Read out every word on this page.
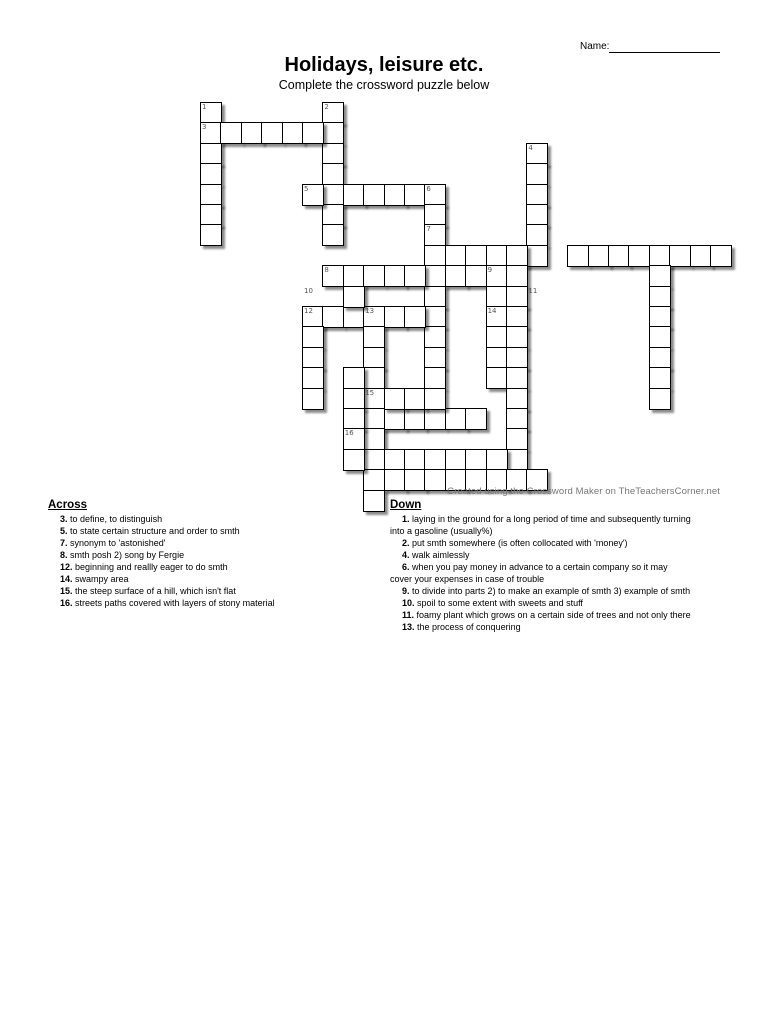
Name:
Holidays, leisure etc.
Complete the crossword puzzle below
1	2
3
4
5	6
7
8	9
10	11
12	13	14
15
16
Created using the Crossword Maker on TheTeachersCorner.net
Across
3. to define, to distinguish
5. to state certain structure and order to smth
7. synonym to 'astonished'
8. smth posh 2) song by Fergie
12. beginning and reallly eager to do smth
14. swampy area
15. the steep surface of a hill, which isn't flat
16. streets paths covered with layers of stony material
Down
1. laying in the ground for a long period of time and subsequently turning
into a gasoline (usually%)
2. put smth somewhere (is often collocated with 'money')
4. walk aimlessly
6. when you pay money in advance to a certain company so it may
cover your expenses in case of trouble
9. to divide into parts 2) to make an example of smth 3) example of smth
10. spoil to some extent with sweets and stuff
11. foamy plant which grows on a certain side of trees and not only there
13. the process of conquering
